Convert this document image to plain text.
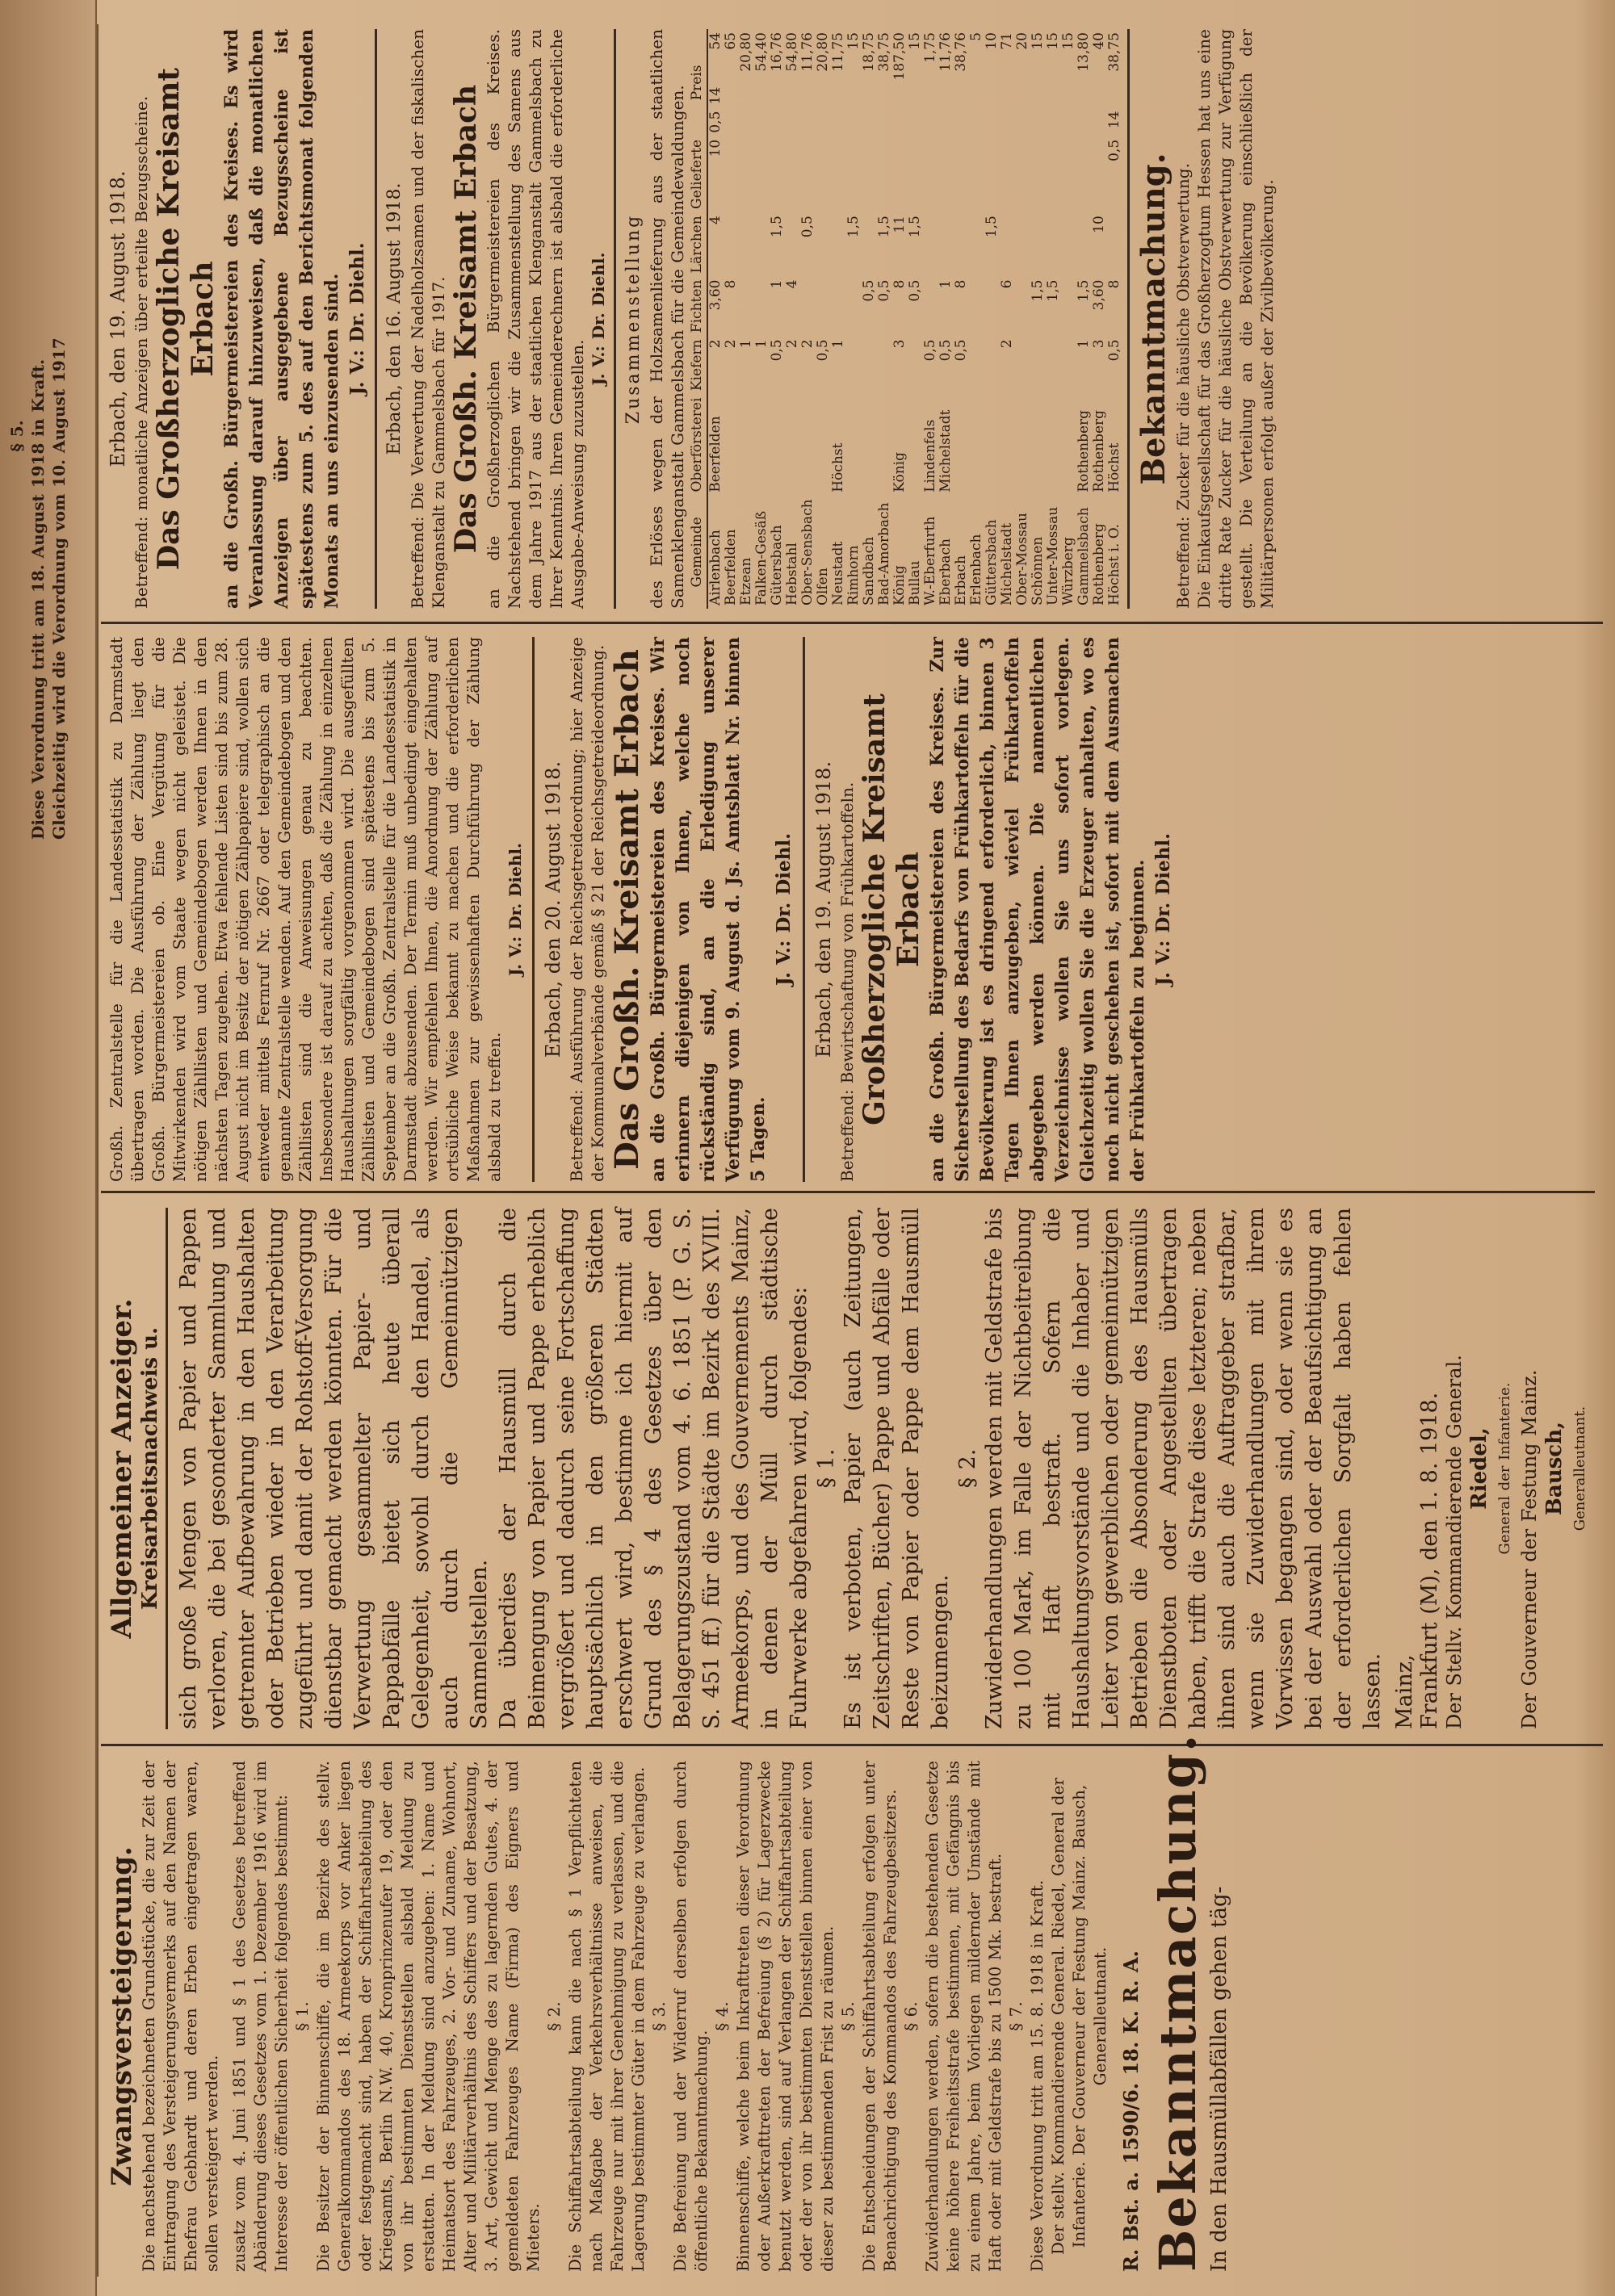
§ 5. Diese Verordnung tritt am 18. August 1918 in Kraft. Gleichzeitig wird die Verordnung vom 10. August 1917
Zwangsversteigerung. Die nachstehend bezeichneten Grundstücke, die zur Zeit der Eintragung des Versteigerungsvermerks auf den Namen der Ehefrau Gebhardt und deren Erben eingetragen waren, sollen versteigert werden. zusatz vom 4. Juni 1851 und § 1 des Gesetzes betreffend Abänderung dieses Gesetzes vom 1. Dezember 1916 wird im Interesse der öffentlichen Sicherheit folgendes bestimmt: § 1. Die Besitzer der Binnenschiffe, die im Bezirke des stellv. Generalkommandos des 18. Armeekorps vor Anker liegen oder festgemacht sind, haben der Schiffahrtsabteilung des Kriegsamts, Berlin N.W. 40, Kronprinzenufer 19, oder den von ihr bestimmten Dienststellen alsbald Meldung zu erstatten. In der Meldung sind anzugeben: 1. Name und Heimatsort des Fahrzeuges, 2. Vor- und Zuname, Wohnort, Alter und Militärverhältnis des Schiffers und der Besatzung, 3. Art, Gewicht und Menge des zu lagernden Gutes, 4. der gemeldeten Fahrzeuges Name (Firma) des Eigners und Mieters.
§ 2. Die Schiffahrtsabteilung kann die nach § 1 Verpflichteten nach Maßgabe der Verkehrsverhältnisse anweisen, die Fahrzeuge nur mit ihrer Genehmigung zu verlassen, und die Lagerung bestimmter Güter in dem Fahrzeuge zu verlangen. § 3. Die Befreiung und der Widerruf derselben erfolgen durch öffentliche Bekanntmachung.
§ 4. Binnenschiffe, welche beim Inkrafttreten dieser Verordnung oder Außerkrafttreten der Befreiung (§ 2) für Lagerzwecke benutzt werden, sind auf Verlangen der Schiffahrtsabteilung oder der von ihr bestimmten Dienststellen binnen einer von dieser zu bestimmenden Frist zu räumen. § 5. Die Entscheidungen der Schiffahrtsabteilung erfolgen unter Benachrichtigung des Kommandos des Fahrzeugbesitzers. § 6. Zuwiderhandlungen werden, sofern die bestehenden Gesetze keine höhere Freiheitsstrafe bestimmen, mit Gefängnis bis zu einem Jahre, beim Vorliegen mildernder Umstände mit Haft oder mit Geldstrafe bis zu 1500 Mk. bestraft. § 7. Diese Verordnung tritt am 15. 8. 1918 in Kraft. Der stellv. Kommandierende General. Riedel, General der Infanterie. Der Gouverneur der Festung Mainz. Bausch, Generalleutnant. R. Bst. a. 1590/6. 18. K. R. A. Bekanntmachung. In den Hausmüllabfällen gehen täg-
Allgemeiner Anzeiger. Kreisarbeitsnachweis u. sich große Mengen von Papier und Pappen verloren, die bei gesonderter Sammlung und getrennter Aufbewahrung in den Haushalten oder Betrieben wieder in den Verarbeitung zugeführt und damit der Rohstoff-Versorgung dienstbar gemacht werden könnten. Für die Verwertung gesammelter Papier- und Pappabfälle bietet sich heute überall Gelegenheit, sowohl durch den Handel, als auch durch die Gemeinnützigen Sammelstellen. Da überdies der Hausmüll durch die Beimengung von Papier und Pappe erheblich vergrößert und dadurch seine Fortschaffung hauptsächlich in den größeren Städten erschwert wird, bestimme ich hiermit auf Grund des § 4 des Gesetzes über den Belagerungszustand vom 4. 6. 1851 (P. G. S. S. 451 ff.) für die Städte im Bezirk des XVIII. Armeekorps, und des Gouvernements Mainz, in denen der Müll durch städtische Fuhrwerke abgefahren wird, folgendes: § 1. Es ist verboten, Papier (auch Zeitungen, Zeitschriften, Bücher) Pappe und Abfälle oder Reste von Papier oder Pappe dem Hausmüll beizumengen.
§ 2. Zuwiderhandlungen werden mit Geldstrafe bis zu 100 Mark, im Falle der Nichtbeitreibung mit Haft bestraft. Sofern die Haushaltungsvorstände und die Inhaber und Leiter von gewerblichen oder gemeinnützigen Betrieben die Absonderung des Hausmülls Dienstboten oder Angestellten übertragen haben, trifft die Strafe diese letzteren; neben ihnen sind auch die Auftraggeber strafbar, wenn sie Zuwiderhandlungen mit ihrem Vorwissen begangen sind, oder wenn sie es bei der Auswahl oder der Beaufsichtigung an der erforderlichen Sorgfalt haben fehlen lassen. Mainz, Frankfurt (M), den 1. 8. 1918. Der Stellv. Kommandierende General. Riedel, General der Infanterie. Der Gouverneur der Festung Mainz. Bausch, Generalleutnant.
Großh. Zentralstelle für die Landesstatistik zu Darmstadt übertragen worden. Die Ausführung der Zählung liegt den Großh. Bürgermeistereien ob. Eine Vergütung für die Mitwirkenden wird vom Staate wegen nicht geleistet. Die nötigen Zähllisten und Gemeindebogen werden Ihnen in den nächsten Tagen zugehen. Etwa fehlende Listen sind bis zum 28. August nicht im Besitz der nötigen Zählpapiere sind, wollen sich entweder mittels Fernruf Nr. 2667 oder telegraphisch an die genannte Zentralstelle wenden. Auf den Gemeindebogen und den Zähllisten sind die Anweisungen genau zu beachten. Insbesondere ist darauf zu achten, daß die Zählung in einzelnen Haushaltungen sorgfältig vorgenommen wird. Die ausgefüllten Zähllisten und Gemeindebogen sind spätestens bis zum 5. September an die Großh. Zentralstelle für die Landesstatistik in Darmstadt abzusenden. Der Termin muß unbedingt eingehalten werden. Wir empfehlen Ihnen, die Anordnung der Zählung auf ortsübliche Weise bekannt zu machen und die erforderlichen Maßnahmen zur gewissenhaften Durchführung der Zählung alsbald zu treffen.
J. V.: Dr. Diehl. Erbach, den 20. August 1918. Betreffend: Ausführung der Reichsgetreideordnung; hier Anzeige der Kommunalverbände gemäß § 21 der Reichsgetreideordnung. Das Großh. Kreisamt Erbach an die Großh. Bürgermeistereien des Kreises. Wir erinnern diejenigen von Ihnen, welche noch rückständig sind, an die Erledigung unserer Verfügung vom 9. August d. Js. Amtsblatt Nr. binnen 5 Tagen.
J. V.: Dr. Diehl. Erbach, den 19. August 1918. Betreffend: Bewirtschaftung von Frühkartoffeln. Großherzogliche Kreisamt Erbach an die Großh. Bürgermeistereien des Kreises. Zur Sicherstellung des Bedarfs von Frühkartoffeln für die Bevölkerung ist es dringend erforderlich, binnen 3 Tagen Ihnen anzugeben, wieviel Frühkartoffeln abgegeben werden können. Die namentlichen Verzeichnisse wollen Sie uns sofort vorlegen. Gleichzeitig wollen Sie die Erzeuger anhalten, wo es noch nicht geschehen ist, sofort mit dem Ausmachen der Frühkartoffeln zu beginnen. J. V.: Dr. Diehl.
Erbach, den 19. August 1918. Betreffend: monatliche Anzeigen über erteilte Bezugsscheine. Das Großherzogliche Kreisamt Erbach an die Großh. Bürgermeistereien des Kreises. Es wird Veranlassung darauf hinzuweisen, daß die monatlichen Anzeigen über ausgegebene Bezugsscheine ist spätestens zum 5. des auf den Berichtsmonat folgenden Monats an uns einzusenden sind. J. V.: Dr. Diehl. Erbach, den 16. August 1918. Betreffend: Die Verwertung der Nadelholzsamen und der fiskalischen Klenganstalt zu Gammelsbach für 1917. Das Großh. Kreisamt Erbach an die Großherzoglichen Bürgermeistereien des Kreises. Nachstehend bringen wir die Zusammenstellung des Samens aus dem Jahre 1917 aus der staatlichen Klenganstalt Gammelsbach zu Ihrer Kenntnis. Ihren Gemeinderechnern ist alsbald die erforderliche Ausgabe-Anweisung zuzustellen.
J. V.: Dr. Diehl. Zusammenstellung des Erlöses wegen der Holzsamenlieferung aus der staatlichen Samenklenganstalt Gammelsbach für die Gemeindewaldungen. Gemeinde	Oberförsterei	Kiefern	Fichten	Lärchen	Gelieferte	Preis		
Airlenbach	Beerfelden	2	3,60	4	10	0,5	14	54
Beerfelden		2	8					65
Etzean		1						20,80
Falken-Gesäß		1						54,40
Gütersbach		0,5	1	1,5				16,76
Hebstahl		2	4					54,80
Ober-Sensbach		2		0,5				11,76
Olfen		0,5						20,80
Neustadt	Höchst	1						11,75
Rimhorn				1,5				15
Sandbach			0,5					18,75
Bad-Amorbach			0,5	1,5				38,75
König	König	3	8	11				187,50
Bullau			0,5	1,5				15
W.-Eberfurth	Lindenfels	0,5						1,75
Eberbach	Michelstadt	0,5	1					11,76
Erbach		0,5	8					38,76
Erlenbach								5
Güttersbach				1,5				10
Michelstadt		2	6					71
Ober-Mossau								20
Schönnen			1,5					15
Unter-Mossau			1,5					15
Würzberg								15
Gammelsbach	Rothenberg	1	1,5					13,80
Rothenberg	Rothenberg	3	3,60	10				40
Höchst i. O.	Höchst	0,5	8		0,5	14		38,75
Bekanntmachung. Betreffend: Zucker für die häusliche Obstverwertung. Die Einkaufsgesellschaft für das Großherzogtum Hessen hat uns eine dritte Rate Zucker für die häusliche Obstverwertung zur Verfügung gestellt. Die Verteilung an die Bevölkerung einschließlich der Militärpersonen erfolgt außer der Zivilbevölkerung.
